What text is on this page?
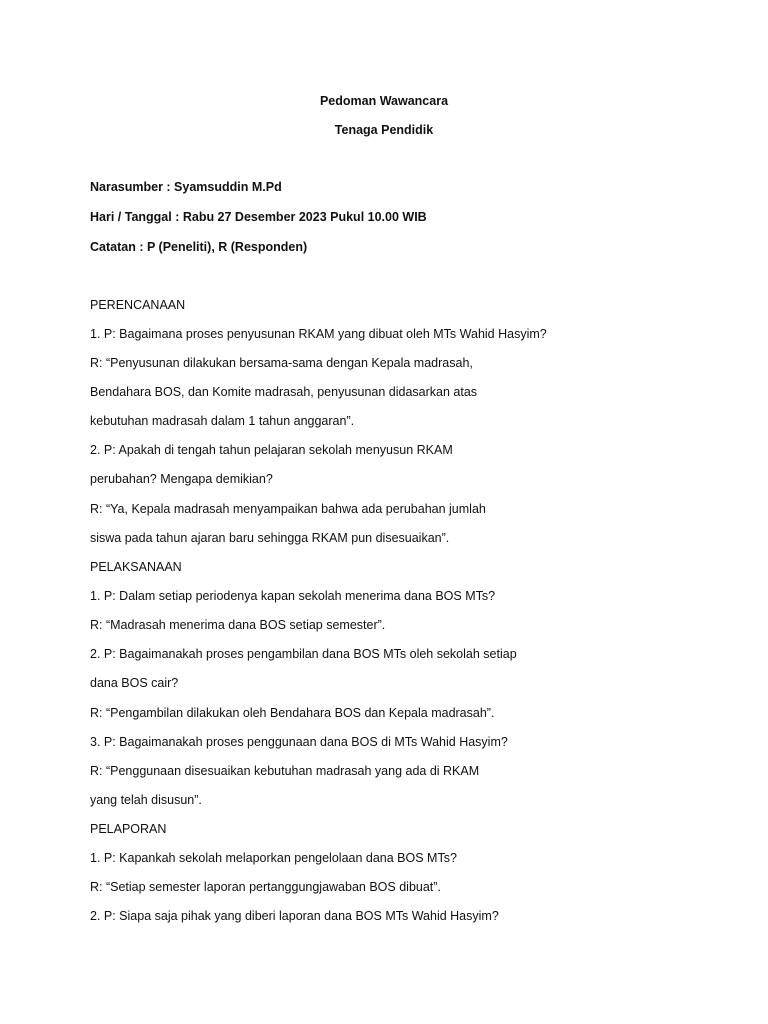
Pedoman Wawancara
Tenaga Pendidik
Narasumber : Syamsuddin M.Pd
Hari / Tanggal : Rabu 27 Desember 2023 Pukul 10.00 WIB
Catatan : P (Peneliti), R (Responden)
PERENCANAAN
1. P: Bagaimana proses penyusunan RKAM yang dibuat oleh MTs Wahid Hasyim?
R: “Penyusunan dilakukan bersama-sama dengan Kepala madrasah,
Bendahara BOS, dan Komite madrasah, penyusunan didasarkan atas
kebutuhan madrasah dalam 1 tahun anggaran”.
2. P: Apakah di tengah tahun pelajaran sekolah menyusun RKAM
perubahan? Mengapa demikian?
R: “Ya, Kepala madrasah menyampaikan bahwa ada perubahan jumlah
siswa pada tahun ajaran baru sehingga RKAM pun disesuaikan”.
PELAKSANAAN
1. P: Dalam setiap periodenya kapan sekolah menerima dana BOS MTs?
R: “Madrasah menerima dana BOS setiap semester”.
2. P: Bagaimanakah proses pengambilan dana BOS MTs oleh sekolah setiap
dana BOS cair?
R: “Pengambilan dilakukan oleh Bendahara BOS dan Kepala madrasah”.
3. P: Bagaimanakah proses penggunaan dana BOS di MTs Wahid Hasyim?
R: “Penggunaan disesuaikan kebutuhan madrasah yang ada di RKAM
yang telah disusun”.
PELAPORAN
1. P: Kapankah sekolah melaporkan pengelolaan dana BOS MTs?
R: “Setiap semester laporan pertanggungjawaban BOS dibuat”.
2. P: Siapa saja pihak yang diberi laporan dana BOS MTs Wahid Hasyim?
